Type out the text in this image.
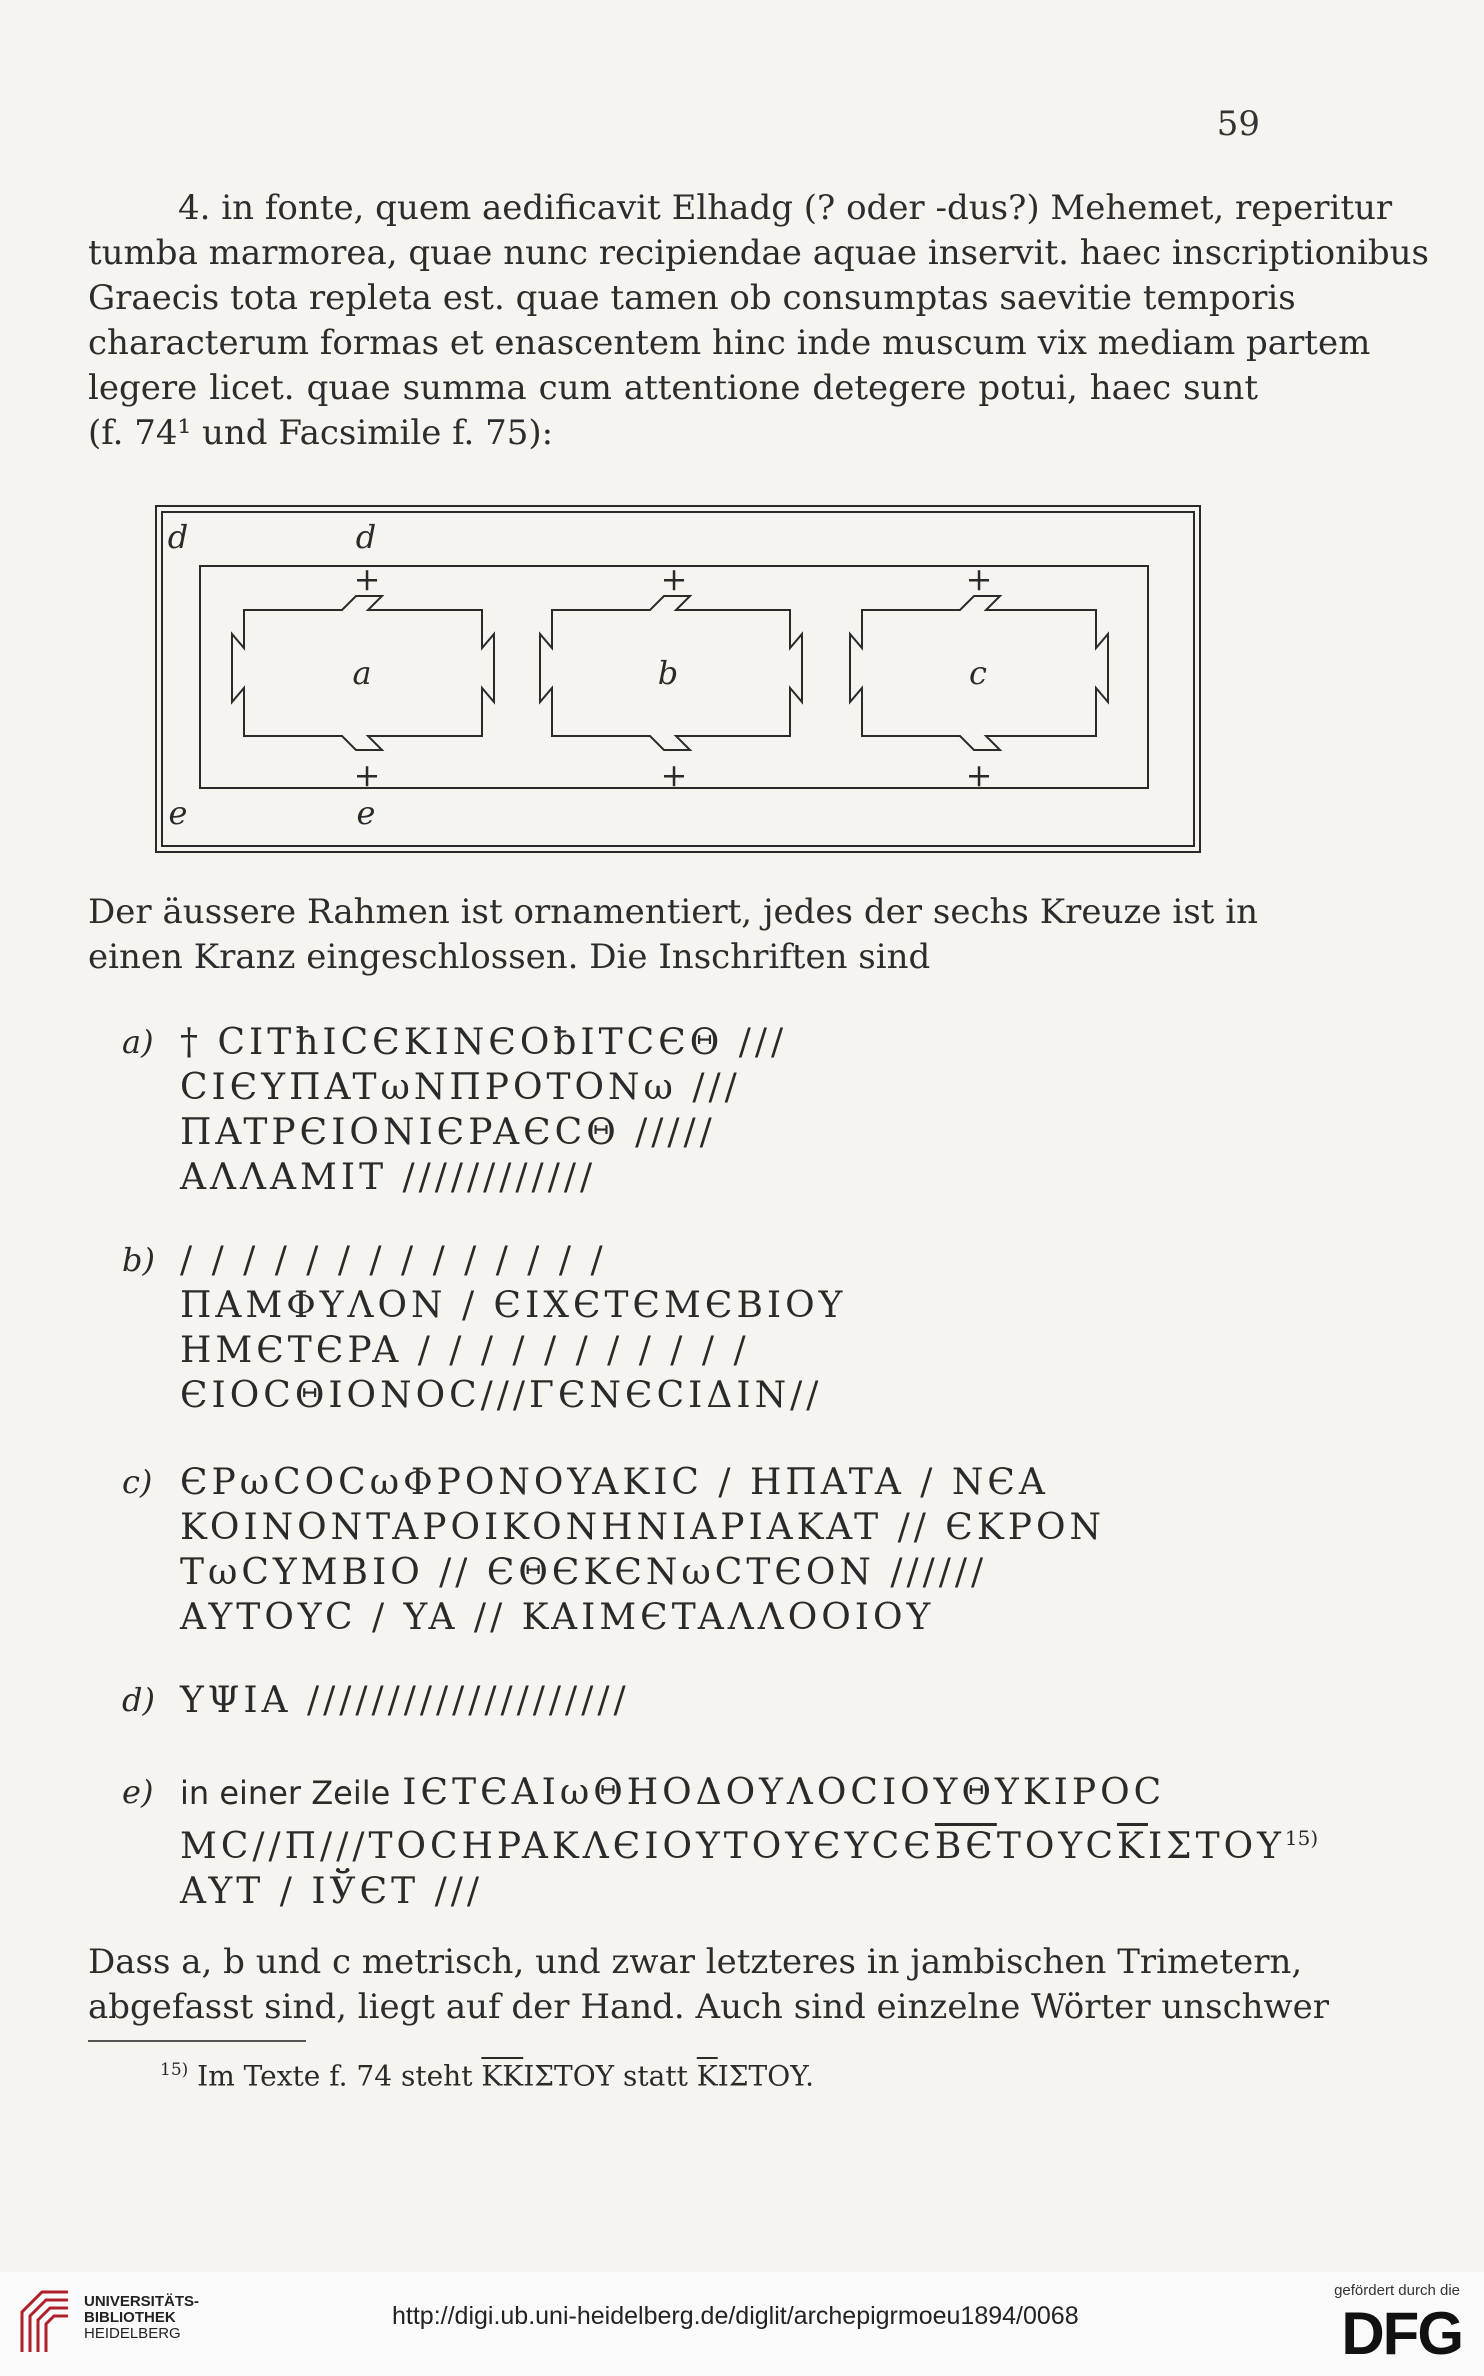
59
4. in fonte, quem aedificavit Elhadg (? oder -dus?) Mehemet, reperitur
tumba marmorea, quae nunc recipiendae aquae inservit. haec inscriptionibus
Graecis tota repleta est. quae tamen ob consumptas saevitie temporis
characterum formas et enascentem hinc inde muscum vix mediam partem
legere licet. quae summa cum attentione detegere potui, haec sunt
(f. 74¹ und Facsimile f. 75):
+	+	+
+	+	+
d	d
e	e
a	b	c
Der äussere Rahmen ist ornamentiert, jedes der sechs Kreuze ist in
einen Kranz eingeschlossen. Die Inschriften sind
a) † CITħICЄKINЄOƀITCЄΘ ///
CIЄYΠATωNΠPOTONω ///
ΠATPЄIONIЄPAЄCΘ /////
AΛΛAMIT ////////////
b) / / / / / / / / / / / / / /
ΠAMΦYΛON / ЄIXЄTЄMЄBIOY
HMЄTЄPA / / / / / / / / / / /
ЄIOCΘIONOC///ΓЄNЄCIΔIN//
c) ЄPωCOCωΦPONOYAKIC / HΠATA / NЄA
KOINONTAPOIKONHNIAPIAKAT // ЄKPON
TωCYMBIO // ЄΘЄKЄNωCTЄON //////
AYTOYC / YA // KAIMЄTAΛΛOOIOY
d) YΨIA ////////////////////
e) in einer Zeile IЄTЄAIωΘHOΔOYΛOCIOYΘYKIPOC
$MC//\Pi///TOCHPAK\Lambda ЄIOYTOYЄYCЄBЄTOYC\overline{K}I\Sigma TOY^{15)}$
AYT / IЎЄT ///
Dass a, b und c metrisch, und zwar letzteres in jambischen Trimetern,
abgefasst sind, liegt auf der Hand. Auch sind einzelne Wörter unschwer
$^{15)}$ Im Texte f. 74 steht $\overline{KK}I\Sigma TOY$ statt $\overline{K}I\Sigma TOY$.
UNIVERSITÄTS-
BIBLIOTHEK
HEIDELBERG
http://digi.ub.uni-heidelberg.de/diglit/archepigrmoeu1894/0068
gefördert durch die
DFG
